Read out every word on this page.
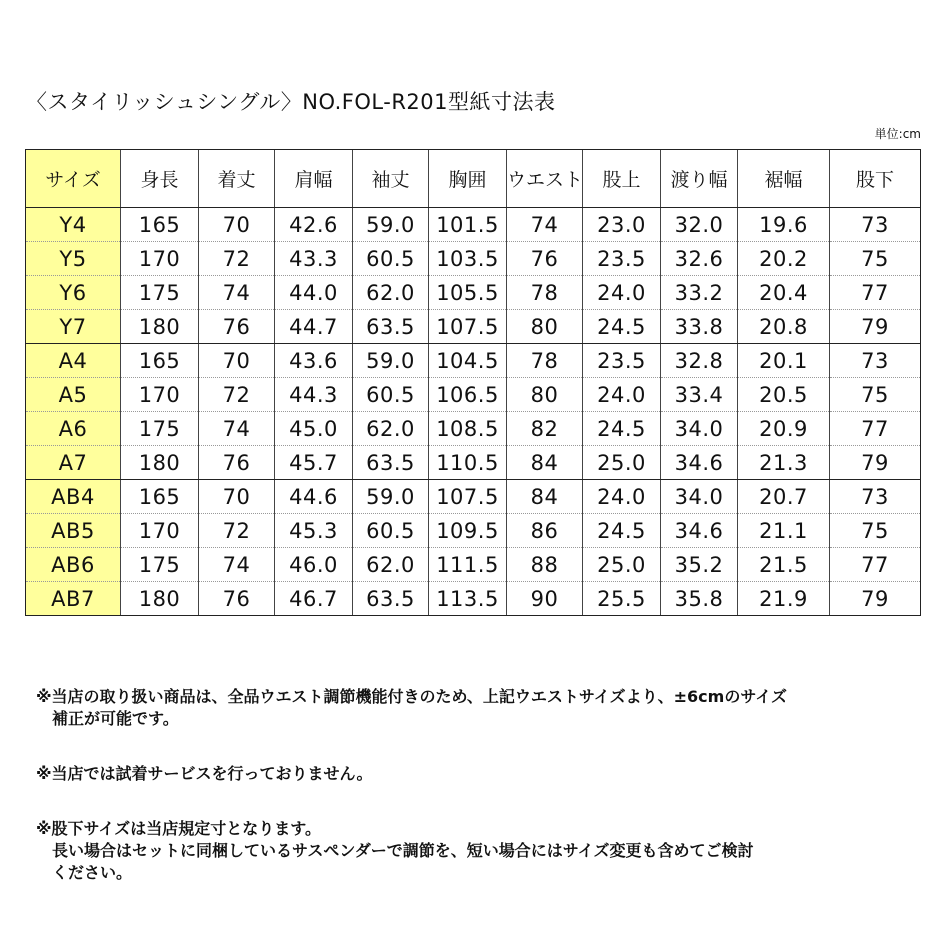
〈スタイリッシュシングル〉NO.FOL-R201型紙寸法表
単位:cm
サイズ	身長	着丈	肩幅	袖丈	胸囲	ウエスト	股上	渡り幅	裾幅	股下
Y4	165	70	42.6	59.0	101.5	74	23.0	32.0	19.6	73
Y5	170	72	43.3	60.5	103.5	76	23.5	32.6	20.2	75
Y6	175	74	44.0	62.0	105.5	78	24.0	33.2	20.4	77
Y7	180	76	44.7	63.5	107.5	80	24.5	33.8	20.8	79
A4	165	70	43.6	59.0	104.5	78	23.5	32.8	20.1	73
A5	170	72	44.3	60.5	106.5	80	24.0	33.4	20.5	75
A6	175	74	45.0	62.0	108.5	82	24.5	34.0	20.9	77
A7	180	76	45.7	63.5	110.5	84	25.0	34.6	21.3	79
AB4	165	70	44.6	59.0	107.5	84	24.0	34.0	20.7	73
AB5	170	72	45.3	60.5	109.5	86	24.5	34.6	21.1	75
AB6	175	74	46.0	62.0	111.5	88	25.0	35.2	21.5	77
AB7	180	76	46.7	63.5	113.5	90	25.5	35.8	21.9	79
※当店の取り扱い商品は、全品ウエスト調節機能付きのため、上記ウエストサイズより、±6cmのサイズ
補正が可能です。
※当店では試着サービスを行っておりません。
※股下サイズは当店規定寸となります。
長い場合はセットに同梱しているサスペンダーで調節を、短い場合にはサイズ変更も含めてご検討
ください。
